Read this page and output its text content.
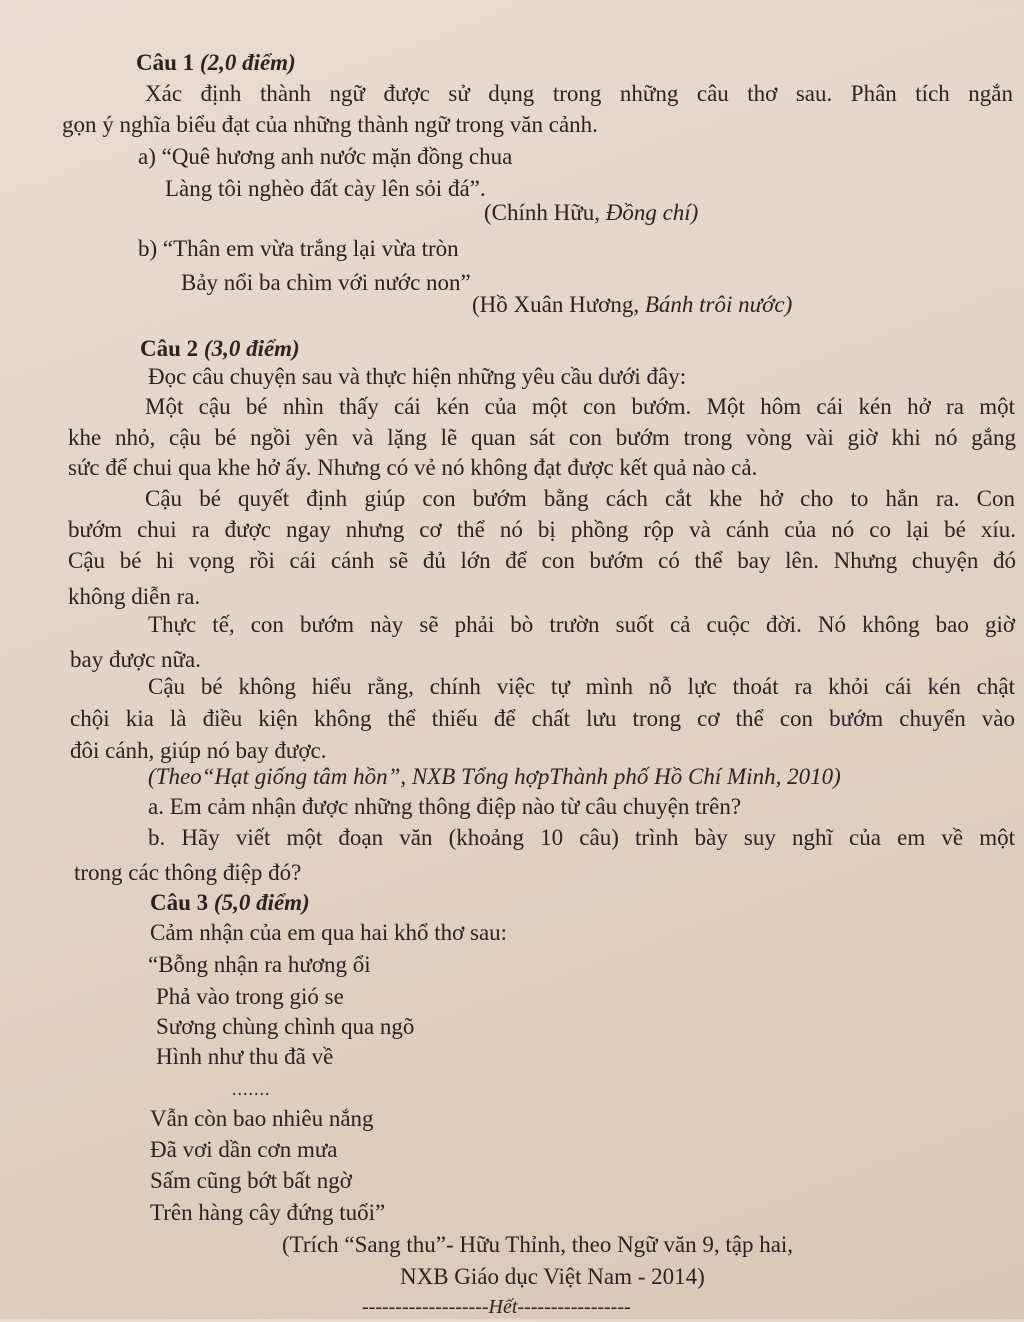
Câu 1 (2,0 điểm)
Xác định thành ngữ được sử dụng trong những câu thơ sau. Phân tích ngắn
gọn ý nghĩa biểu đạt của những thành ngữ trong văn cảnh.
a) “Quê hương anh nước mặn đồng chua
Làng tôi nghèo đất cày lên sỏi đá”.
(Chính Hữu, Đồng chí)
b) “Thân em vừa trắng lại vừa tròn
Bảy nổi ba chìm với nước non”
(Hồ Xuân Hương, Bánh trôi nước)
Câu 2 (3,0 điểm)
Đọc câu chuyện sau và thực hiện những yêu cầu dưới đây:
Một cậu bé nhìn thấy cái kén của một con bướm. Một hôm cái kén hở ra một
khe nhỏ, cậu bé ngồi yên và lặng lẽ quan sát con bướm trong vòng vài giờ khi nó gắng
sức để chui qua khe hở ấy. Nhưng có vẻ nó không đạt được kết quả nào cả.
Cậu bé quyết định giúp con bướm bằng cách cắt khe hở cho to hẳn ra. Con
bướm chui ra được ngay nhưng cơ thể nó bị phồng rộp và cánh của nó co lại bé xíu.
Cậu bé hi vọng rồi cái cánh sẽ đủ lớn để con bướm có thể bay lên. Nhưng chuyện đó
không diễn ra.
Thực tế, con bướm này sẽ phải bò trườn suốt cả cuộc đời. Nó không bao giờ
bay được nữa.
Cậu bé không hiểu rằng, chính việc tự mình nỗ lực thoát ra khỏi cái kén chật
chội kia là điều kiện không thể thiếu để chất lưu trong cơ thể con bướm chuyển vào
đôi cánh, giúp nó bay được.
(Theo“Hạt giống tâm hồn”, NXB Tổng hợpThành phố Hồ Chí Minh, 2010)
a. Em cảm nhận được những thông điệp nào từ câu chuyện trên?
b. Hãy viết một đoạn văn (khoảng 10 câu) trình bày suy nghĩ của em về một
trong các thông điệp đó?
Câu 3 (5,0 điểm)
Cảm nhận của em qua hai khổ thơ sau:
“Bỗng nhận ra hương ổi
Phả vào trong gió se
Sương chùng chình qua ngõ
Hình như thu đã về
.......
Vẫn còn bao nhiêu nắng
Đã vơi dần cơn mưa
Sấm cũng bớt bất ngờ
Trên hàng cây đứng tuổi”
(Trích “Sang thu”- Hữu Thỉnh, theo Ngữ văn 9, tập hai,
NXB Giáo dục Việt Nam - 2014)
-------------------Hết-----------------
